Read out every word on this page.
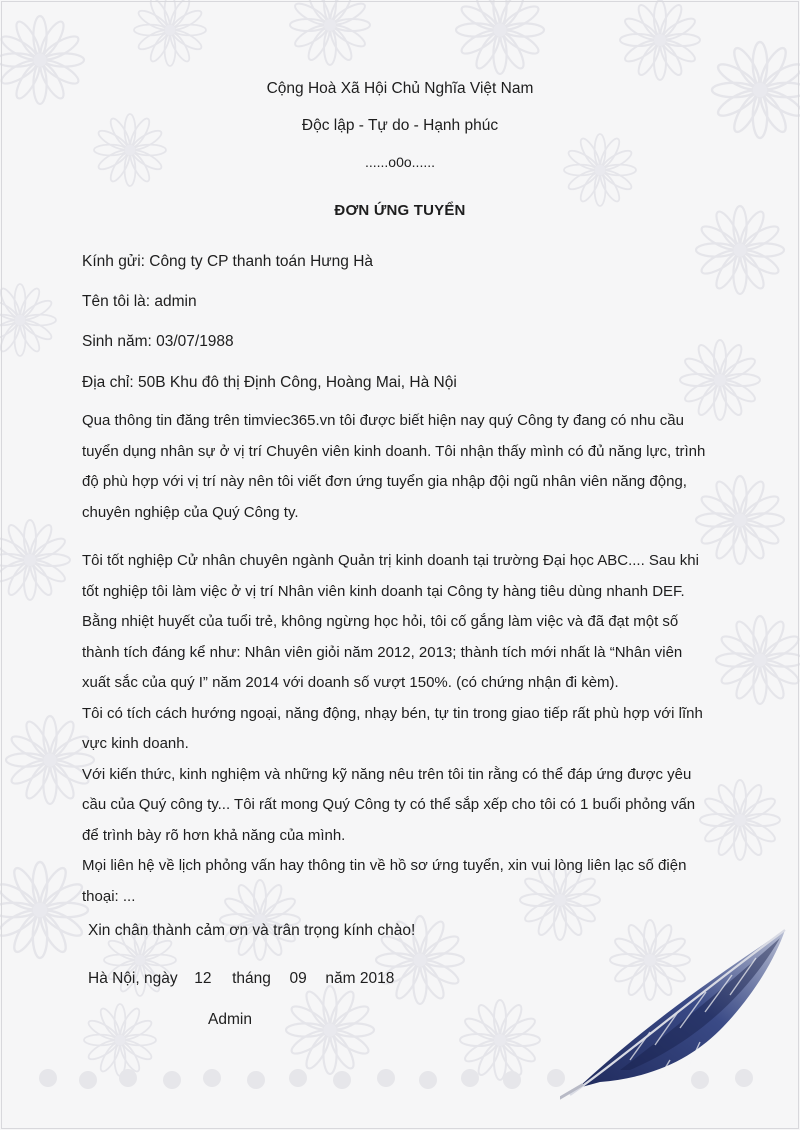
Cộng Hoà Xã Hội Chủ Nghĩa Việt Nam
Độc lập - Tự do - Hạnh phúc
......o0o......
ĐƠN ỨNG TUYỂN
Kính gửi: Công ty CP thanh toán Hưng Hà
Tên tôi là: admin
Sinh năm: 03/07/1988
Địa chỉ: 50B Khu đô thị Định Công, Hoàng Mai, Hà Nội
Qua thông tin đăng trên timviec365.vn tôi được biết hiện nay quý Công ty đang có nhu cầu
tuyển dụng nhân sự ở vị trí Chuyên viên kinh doanh. Tôi nhận thấy mình có đủ năng lực, trình
độ phù hợp với vị trí này nên tôi viết đơn ứng tuyển gia nhập đội ngũ nhân viên năng động,
chuyên nghiệp của Quý Công ty.
Tôi tốt nghiệp Cử nhân chuyên ngành Quản trị kinh doanh tại trường Đại học ABC.... Sau khi
tốt nghiệp tôi làm việc ở vị trí Nhân viên kinh doanh tại Công ty hàng tiêu dùng nhanh DEF.
Bằng nhiệt huyết của tuổi trẻ, không ngừng học hỏi, tôi cố gắng làm việc và đã đạt một số
thành tích đáng kể như: Nhân viên giỏi năm 2012, 2013; thành tích mới nhất là “Nhân viên
xuất sắc của quý I” năm 2014 với doanh số vượt 150%. (có chứng nhận đi kèm).
Tôi có tích cách hướng ngoại, năng động, nhạy bén, tự tin trong giao tiếp rất phù hợp với lĩnh
vực kinh doanh.
Với kiến thức, kinh nghiệm và những kỹ năng nêu trên tôi tin rằng có thể đáp ứng được yêu
cầu của Quý công ty... Tôi rất mong Quý Công ty có thể sắp xếp cho tôi có 1 buổi phỏng vấn
để trình bày rõ hơn khả năng của mình.
Mọi liên hệ về lịch phỏng vấn hay thông tin về hồ sơ ứng tuyển, xin vui lòng liên lạc số điện
thoại: ...
Xin chân thành cảm ơn và trân trọng kính chào!
Hà Nội, ngày 12 tháng 09 năm 2018
Admin
